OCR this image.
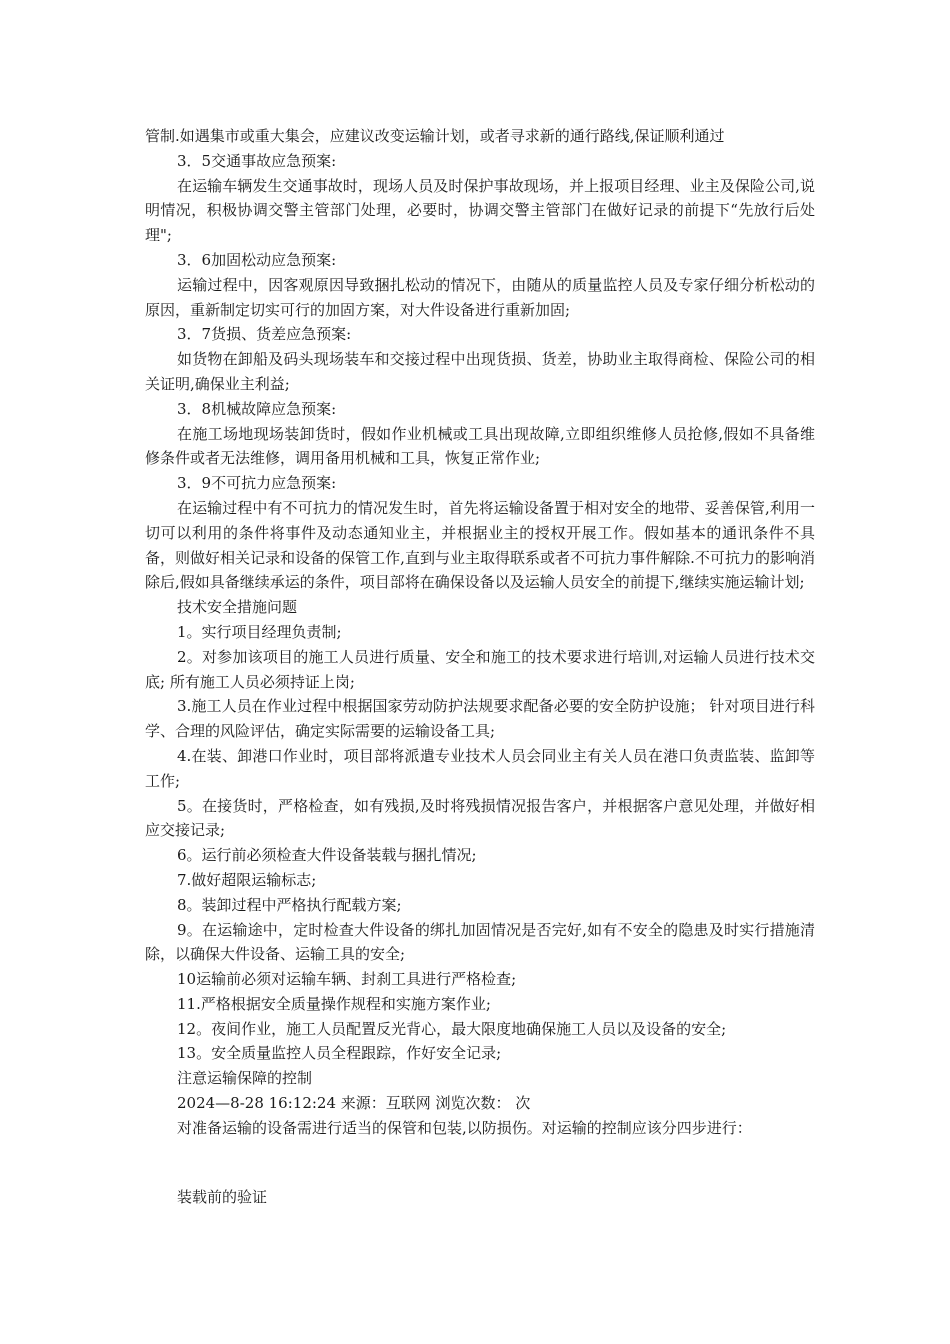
管制.如遇集市或重大集会，应建议改变运输计划，或者寻求新的通行路线,保证顺利通过

3．5交通事故应急预案:

在运输车辆发生交通事故时，现场人员及时保护事故现场，并上报项目经理、业主及保险公司,说明情况，积极协调交警主管部门处理，必要时，协调交警主管部门在做好记录的前提下“先放行后处理";

3．6加固松动应急预案:

运输过程中，因客观原因导致捆扎松动的情况下，由随从的质量监控人员及专家仔细分析松动的原因，重新制定切实可行的加固方案，对大件设备进行重新加固;

3．7货损、货差应急预案:

如货物在卸船及码头现场装车和交接过程中出现货损、货差，协助业主取得商检、保险公司的相关证明,确保业主利益;

3．8机械故障应急预案:

在施工场地现场装卸货时，假如作业机械或工具出现故障,立即组织维修人员抢修,假如不具备维修条件或者无法维修，调用备用机械和工具，恢复正常作业;

3．9不可抗力应急预案:

在运输过程中有不可抗力的情况发生时，首先将运输设备置于相对安全的地带、妥善保管,利用一切可以利用的条件将事件及动态通知业主，并根据业主的授权开展工作。假如基本的通讯条件不具备，则做好相关记录和设备的保管工作,直到与业主取得联系或者不可抗力事件解除.不可抗力的影响消除后,假如具备继续承运的条件，项目部将在确保设备以及运输人员安全的前提下,继续实施运输计划;

技术安全措施问题

1。实行项目经理负责制;

2。对参加该项目的施工人员进行质量、安全和施工的技术要求进行培训,对运输人员进行技术交底; 所有施工人员必须持证上岗;

3.施工人员在作业过程中根据国家劳动防护法规要求配备必要的安全防护设施； 针对项目进行科学、合理的风险评估，确定实际需要的运输设备工具;

4.在装、卸港口作业时，项目部将派遣专业技术人员会同业主有关人员在港口负责监装、监卸等工作;

5。在接货时，严格检查，如有残损,及时将残损情况报告客户，并根据客户意见处理，并做好相应交接记录;

6。运行前必须检查大件设备装载与捆扎情况;

7.做好超限运输标志;

8。装卸过程中严格执行配载方案;

9。在运输途中，定时检查大件设备的绑扎加固情况是否完好,如有不安全的隐患及时实行措施清除，以确保大件设备、运输工具的安全;

10运输前必须对运输车辆、封刹工具进行严格检查;

11.严格根据安全质量操作规程和实施方案作业;

12。夜间作业，施工人员配置反光背心，最大限度地确保施工人员以及设备的安全;

13。安全质量监控人员全程跟踪，作好安全记录;

注意运输保障的控制

2024—8-28 16:12:24 来源：互联网 浏览次数： 次

对准备运输的设备需进行适当的保管和包装,以防损伤。对运输的控制应该分四步进行：

装载前的验证
